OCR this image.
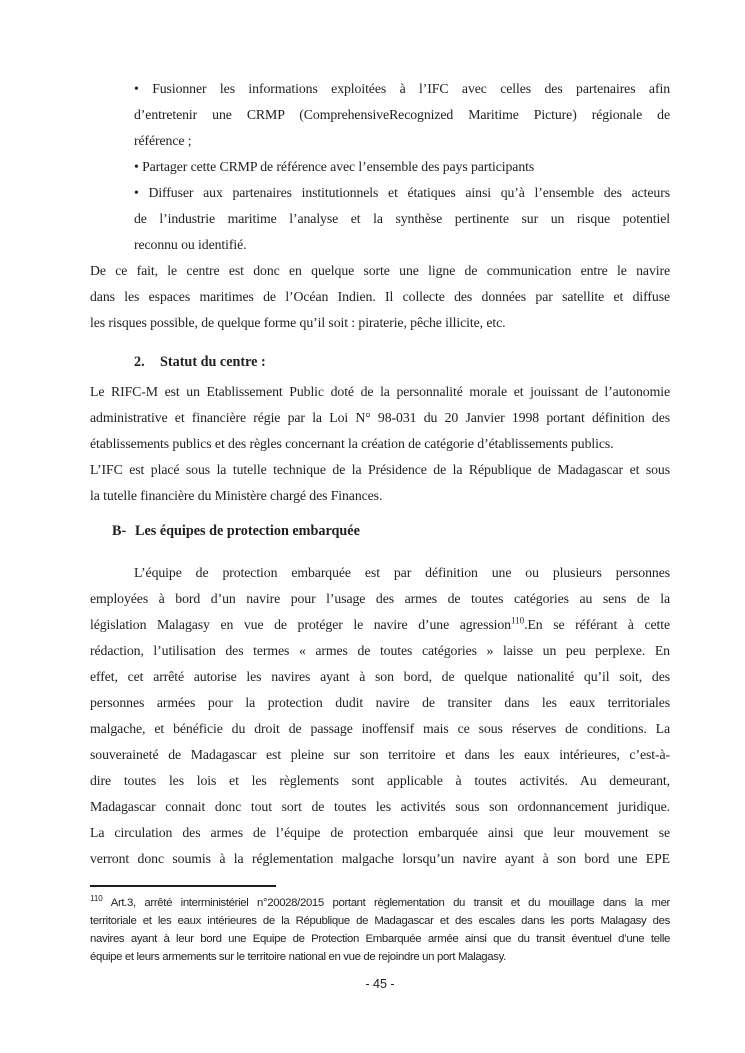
• Fusionner les informations exploitées à l’IFC avec celles des partenaires afin
d’entretenir une CRMP (ComprehensiveRecognized Maritime Picture) régionale de
référence ;
• Partager cette CRMP de référence avec l’ensemble des pays participants
• Diffuser aux partenaires institutionnels et étatiques ainsi qu’à l’ensemble des acteurs
de l’industrie maritime l’analyse et la synthèse pertinente sur un risque potentiel
reconnu ou identifié.
De ce fait, le centre est donc en quelque sorte une ligne de communication entre le navire
dans les espaces maritimes de l’Océan Indien. Il collecte des données par satellite et diffuse
les risques possible, de quelque forme qu’il soit : piraterie, pêche illicite, etc.
2. Statut du centre :
Le RIFC-M est un Etablissement Public doté de la personnalité morale et jouissant de l’autonomie
administrative et financière régie par la Loi N° 98-031 du 20 Janvier 1998 portant définition des
établissements publics et des règles concernant la création de catégorie d’établissements publics.
L’IFC est placé sous la tutelle technique de la Présidence de la République de Madagascar et sous
la tutelle financière du Ministère chargé des Finances.
B- Les équipes de protection embarquée
L’équipe de protection embarquée est par définition une ou plusieurs personnes
employées à bord d’un navire pour l’usage des armes de toutes catégories au sens de la
législation Malagasy en vue de protéger le navire d’une agression$^{110}$.En se référant à cette
rédaction, l’utilisation des termes « armes de toutes catégories » laisse un peu perplexe. En
effet, cet arrêté autorise les navires ayant à son bord, de quelque nationalité qu’il soit, des
personnes armées pour la protection dudit navire de transiter dans les eaux territoriales
malgache, et bénéficie du droit de passage inoffensif mais ce sous réserves de conditions. La
souveraineté de Madagascar est pleine sur son territoire et dans les eaux intérieures, c’est-à-
dire toutes les lois et les règlements sont applicable à toutes activités. Au demeurant,
Madagascar connait donc tout sort de toutes les activités sous son ordonnancement juridique.
La circulation des armes de l’équipe de protection embarquée ainsi que leur mouvement se
verront donc soumis à la réglementation malgache lorsqu’un navire ayant à son bord une EPE
$^{110}$ Art.3, arrêté interministériel n°20028/2015 portant règlementation du transit et du mouillage dans la mer
territoriale et les eaux intérieures de la République de Madagascar et des escales dans les ports Malagasy des
navires ayant à leur bord une Equipe de Protection Embarquée armée ainsi que du transit éventuel d’une telle
équipe et leurs armements sur le territoire national en vue de rejoindre un port Malagasy.
- 45 -
